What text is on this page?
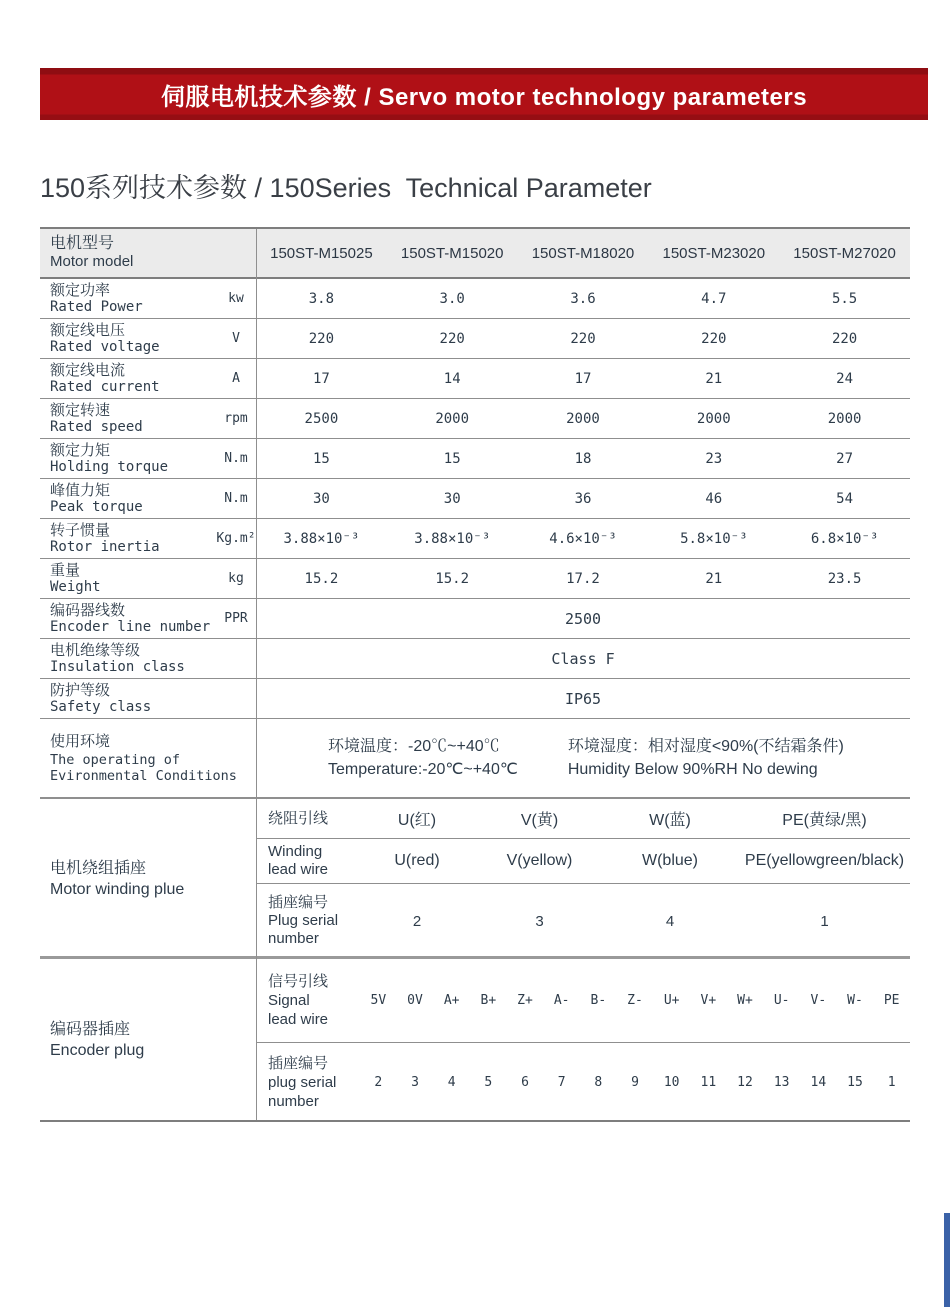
伺服电机技术参数 / Servo motor technology parameters
150系列技术参数 / 150Series  Technical Parameter
电机型号
Motor model	150ST-M15025	150ST-M15020	150ST-M18020	150ST-M23020	150ST-M27020
额定功率
Rated Power	kw	3.8	3.0	3.6	4.7	5.5
额定线电压
Rated voltage	V	220	220	220	220	220
额定线电流
Rated current	A	17	14	17	21	24
额定转速
Rated speed	rpm	2500	2000	2000	2000	2000
额定力矩
Holding torque	N.m	15	15	18	23	27
峰值力矩
Peak torque	N.m	30	30	36	46	54
转子惯量
Rotor inertia	Kg.m²	3.88×10⁻³	3.88×10⁻³	4.6×10⁻³	5.8×10⁻³	6.8×10⁻³
重量
Weight	kg	15.2	15.2	17.2	21	23.5
编码器线数
Encoder line number	PPR	2500
电机绝缘等级
Insulation class	Class F
防护等级
Safety class	IP65
使用环境
The operating of
Evironmental Conditions
环境温度：-20℃~+40℃
Temperature:-20℃~+40℃
环境湿度：相对湿度<90%(不结霜条件)
Humidity Below 90%RH No dewing
电机绕组插座
Motor winding plue
绕阻引线	U(红)	V(黄)	W(蓝)	PE(黄绿/黑)
Winding
lead wire
U(red)	V(yellow)	W(blue)	PE(yellowgreen/black)
插座编号
Plug serial
number
2	3	4	1
编码器插座
Encoder plug
信号引线
Signal
lead wire
5V	0V	A+	B+	Z+	A-	B-	Z-	U+	V+	W+	U-	V-	W-	PE
插座编号
plug serial
number
2	3	4	5	6	7	8	9	10	11	12	13	14	15	1
